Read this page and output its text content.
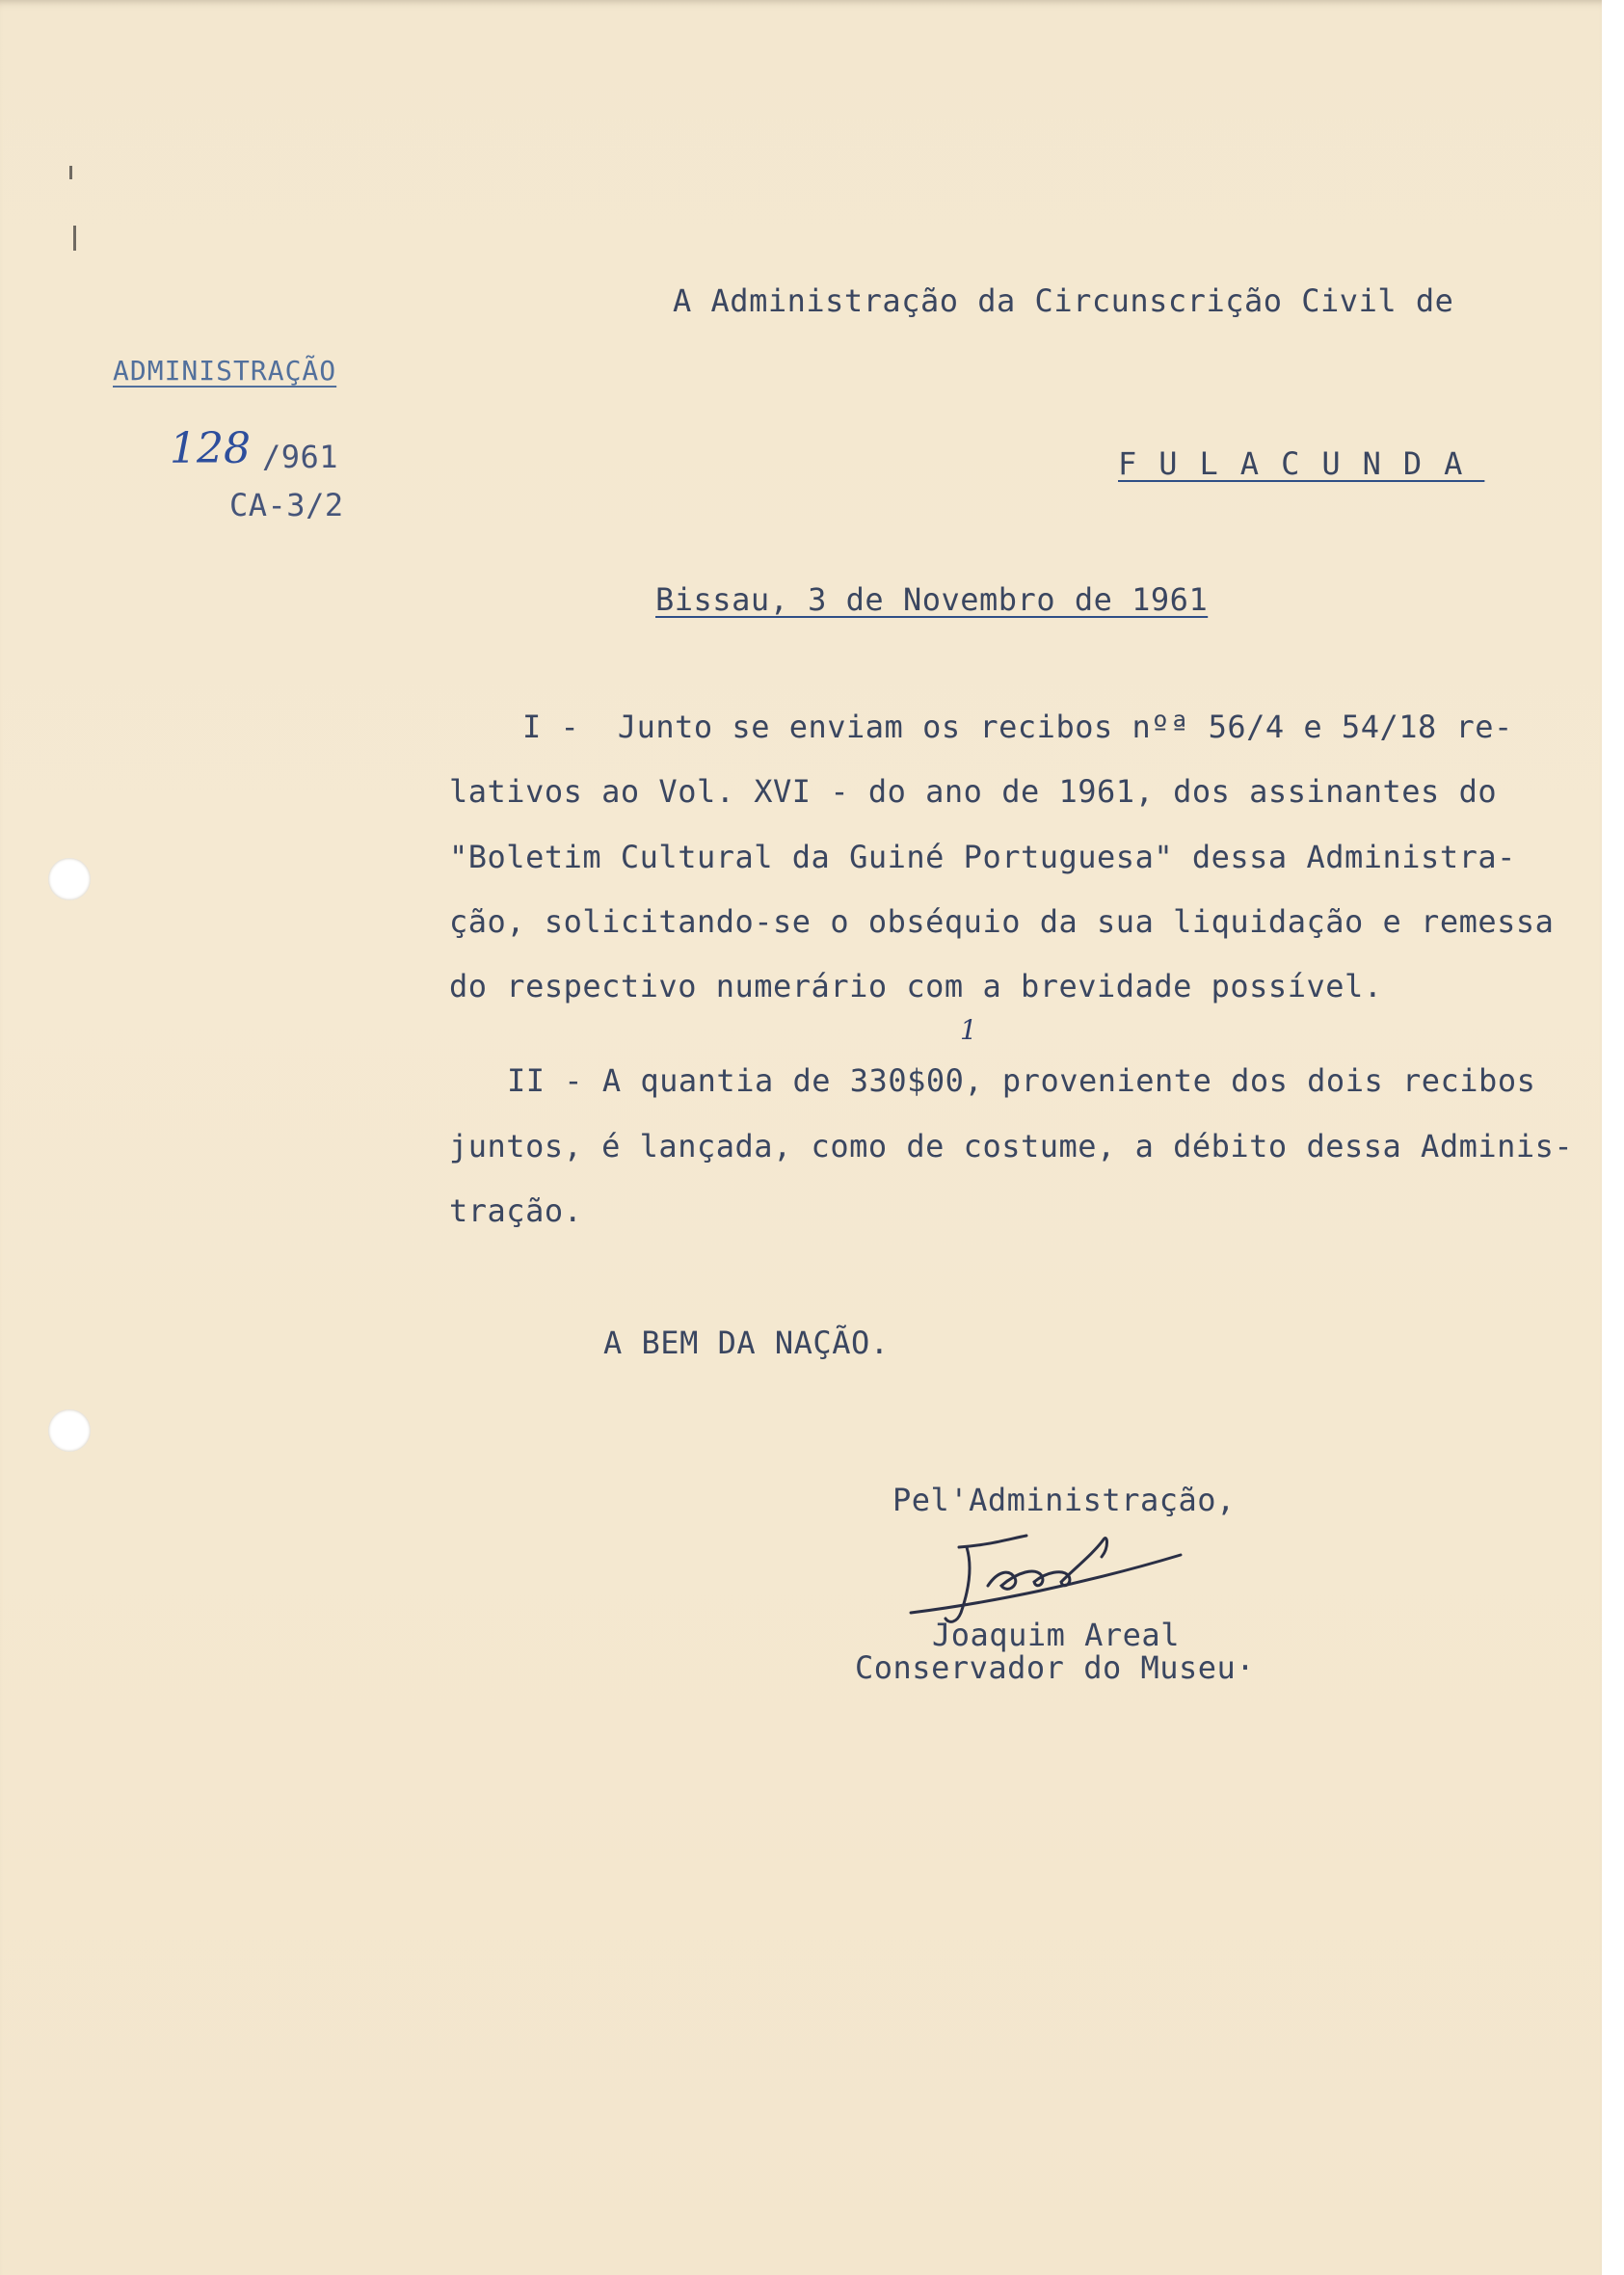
A Administração da Circunscrição Civil de

FULACUNDA

ADMINISTRAÇÃO

128 /961

CA-3/2

Bissau, 3 de Novembro de 1961

I -  Junto se enviam os recibos nºª 56/4 e 54/18 re-

lativos ao Vol. XVI - do ano de 1961, dos assinantes do

"Boletim Cultural da Guiné Portuguesa" dessa Administra-

ção, solicitando-se o obséquio da sua liquidação e remessa

do respectivo numerário com a brevidade possível.

1

II - A quantia de 330$00, proveniente dos dois recibos

juntos, é lançada, como de costume, a débito dessa Adminis-

tração.

A BEM DA NAÇÃO.

Pel'Administração,

Joaquim Areal

Conservador do Museu·
